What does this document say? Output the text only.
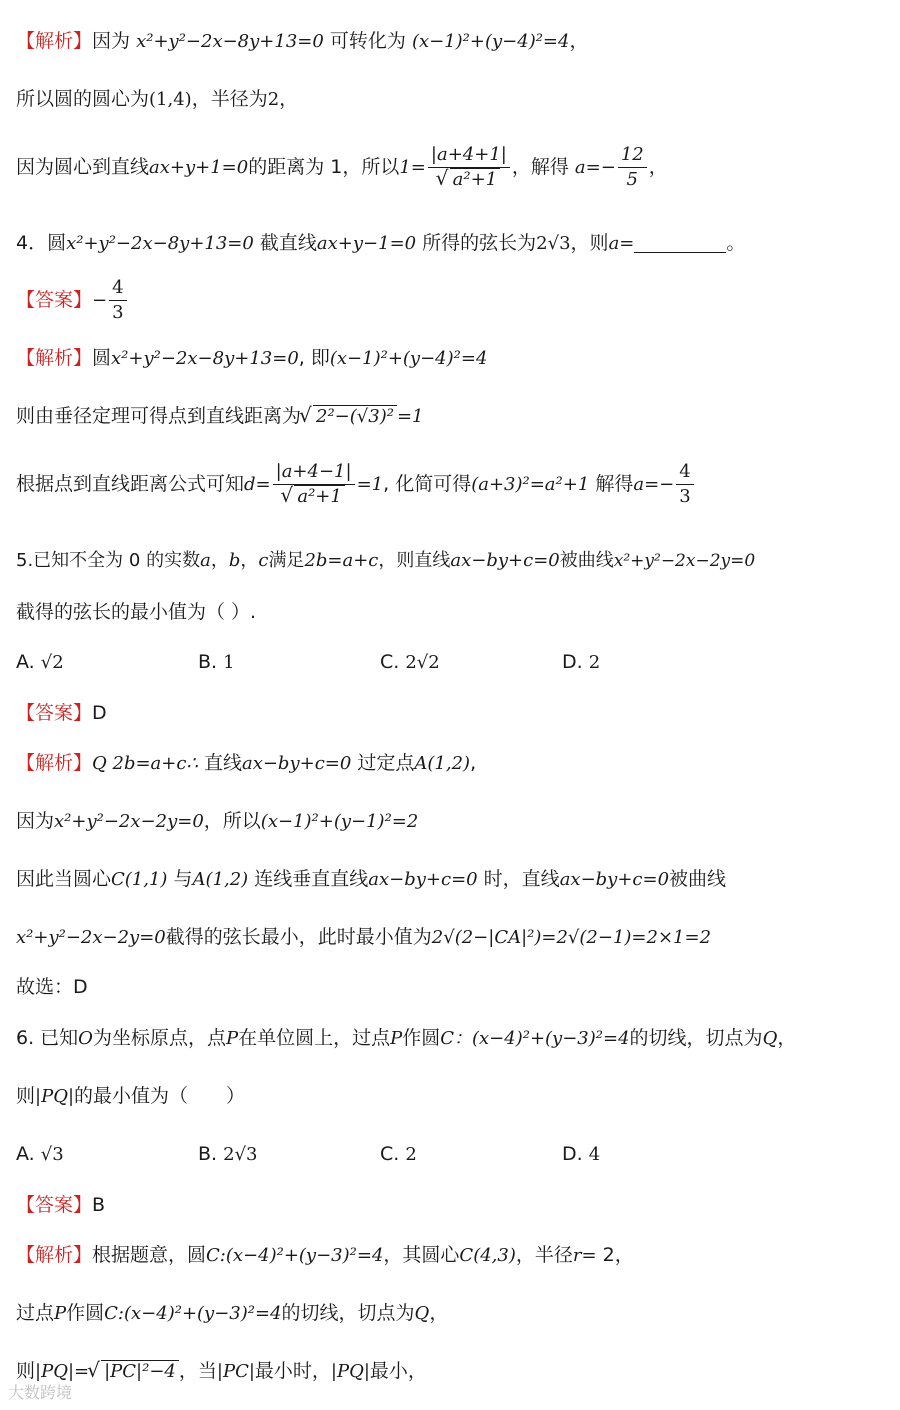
【解析】因为 x²+y²−2x−8y+13=0 可转化为 (x−1)²+(y−4)²=4，
所以圆的圆心为(1,4)，半径为2，
因为圆心到直线ax+y+1=0的距离为 1，所以1= |a+4+1|
√ a²+1 ，解得 $a=- \frac{12}{5}$ ，
4．圆x²+y²−2x−8y+13=0 截直线ax+y−1=0 所得的弦长为2√3，则a=	。
【答案】− $\frac{4}{3}$
【解析】圆x²+y²−2x−8y+13=0, 即(x−1)²+(y−4)²=4
则由垂径定理可得点到直线距离为 √ 2²−(√3)² =1
根据点到直线距离公式可知d= |a+4−1|
√ a²+1 =1, 化简可得(a+3)²=a²+1 解得$a=- \frac{4}{3}$
5.已知不全为 0 的实数a，b，c满足2b=a+c，则直线ax−by+c=0被曲线x²+y²−2x−2y=0
截得的弦长的最小值为（ ）.
A. √2	B. 1	C. 2√2	D. 2
【答案】D
【解析】Q 2b=a+c∴ 直线ax−by+c=0 过定点A(1,2),
因为x²+y²−2x−2y=0，所以(x−1)²+(y−1)²=2
因此当圆心C(1,1) 与A(1,2) 连线垂直直线ax−by+c=0 时，直线ax−by+c=0被曲线
x²+y²−2x−2y=0截得的弦长最小，此时最小值为2√(2−|CA|²)=2√(2−1)=2×1=2
故选：D
6. 已知O为坐标原点，点P在单位圆上，过点P作圆C：(x−4)²+(y−3)²=4的切线，切点为Q，
则|PQ|的最小值为（　　）
A. √3	B. 2√3	C. 2	D. 4
【答案】B
【解析】根据题意，圆C:(x−4)²+(y−3)²=4，其圆心C(4,3)，半径r= 2，
过点P作圆C:(x−4)²+(y−3)²=4的切线，切点为Q，
则|PQ|= √ |PC|²−4 ，当|PC|最小时，|PQ|最小，
大数跨境
